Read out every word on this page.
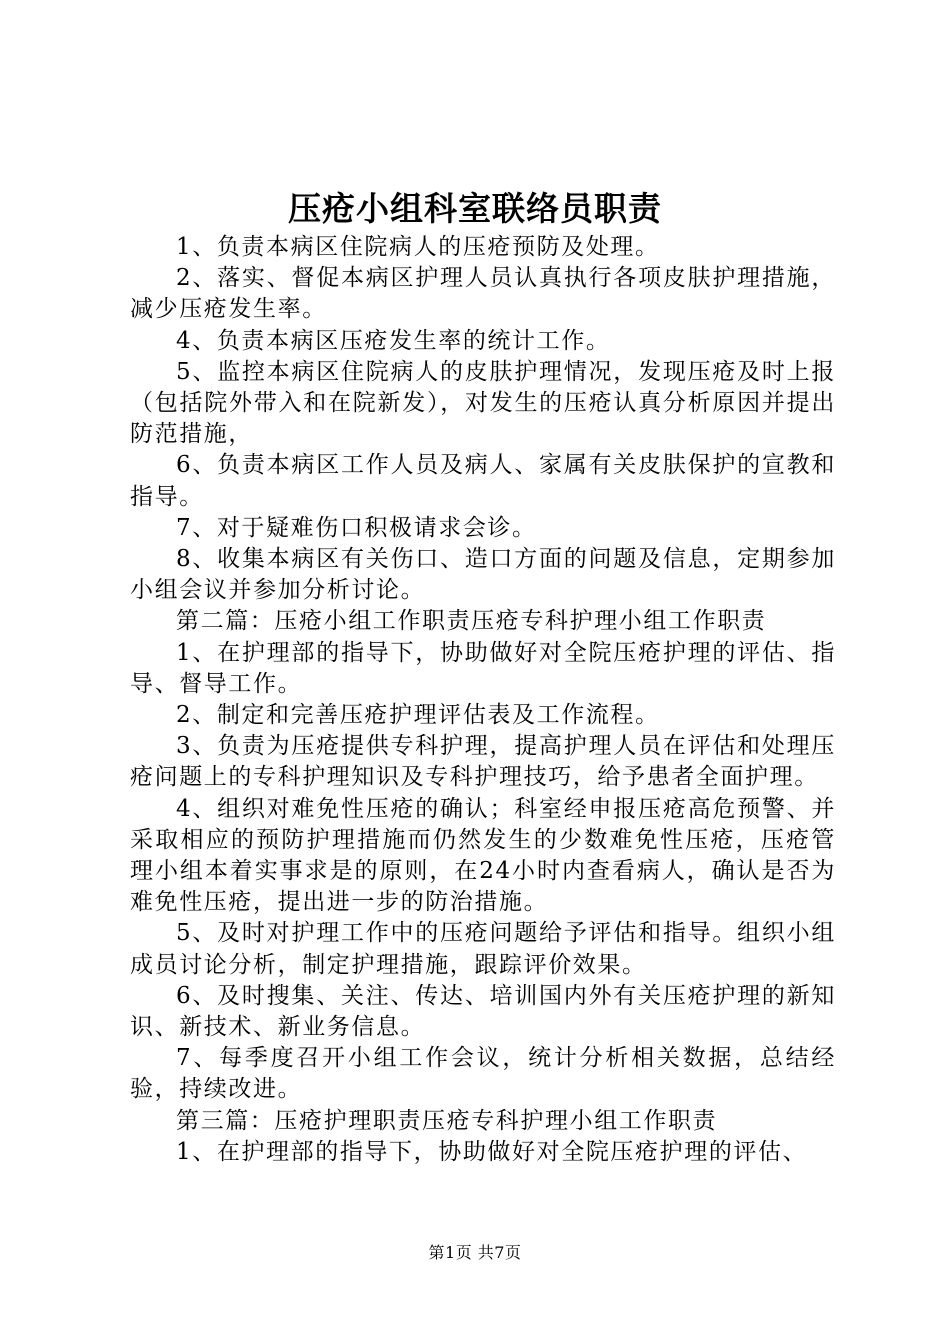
压疮小组科室联络员职责

1、负责本病区住院病人的压疮预防及处理。

2、落实、督促本病区护理人员认真执行各项皮肤护理措施，减少压疮发生率。

4、负责本病区压疮发生率的统计工作。

5、监控本病区住院病人的皮肤护理情况，发现压疮及时上报（包括院外带入和在院新发），对发生的压疮认真分析原因并提出防范措施，

6、负责本病区工作人员及病人、家属有关皮肤保护的宣教和指导。

7、对于疑难伤口积极请求会诊。

8、收集本病区有关伤口、造口方面的问题及信息，定期参加小组会议并参加分析讨论。

第二篇：压疮小组工作职责压疮专科护理小组工作职责

1、在护理部的指导下，协助做好对全院压疮护理的评估、指导、督导工作。

2、制定和完善压疮护理评估表及工作流程。

3、负责为压疮提供专科护理，提高护理人员在评估和处理压疮问题上的专科护理知识及专科护理技巧，给予患者全面护理。

4、组织对难免性压疮的确认；科室经申报压疮高危预警、并采取相应的预防护理措施而仍然发生的少数难免性压疮，压疮管理小组本着实事求是的原则，在24小时内查看病人，确认是否为难免性压疮，提出进一步的防治措施。

5、及时对护理工作中的压疮问题给予评估和指导。组织小组成员讨论分析，制定护理措施，跟踪评价效果。

6、及时搜集、关注、传达、培训国内外有关压疮护理的新知识、新技术、新业务信息。

7、每季度召开小组工作会议，统计分析相关数据，总结经验，持续改进。

第三篇：压疮护理职责压疮专科护理小组工作职责

1、在护理部的指导下，协助做好对全院压疮护理的评估、

第1页 共7页
